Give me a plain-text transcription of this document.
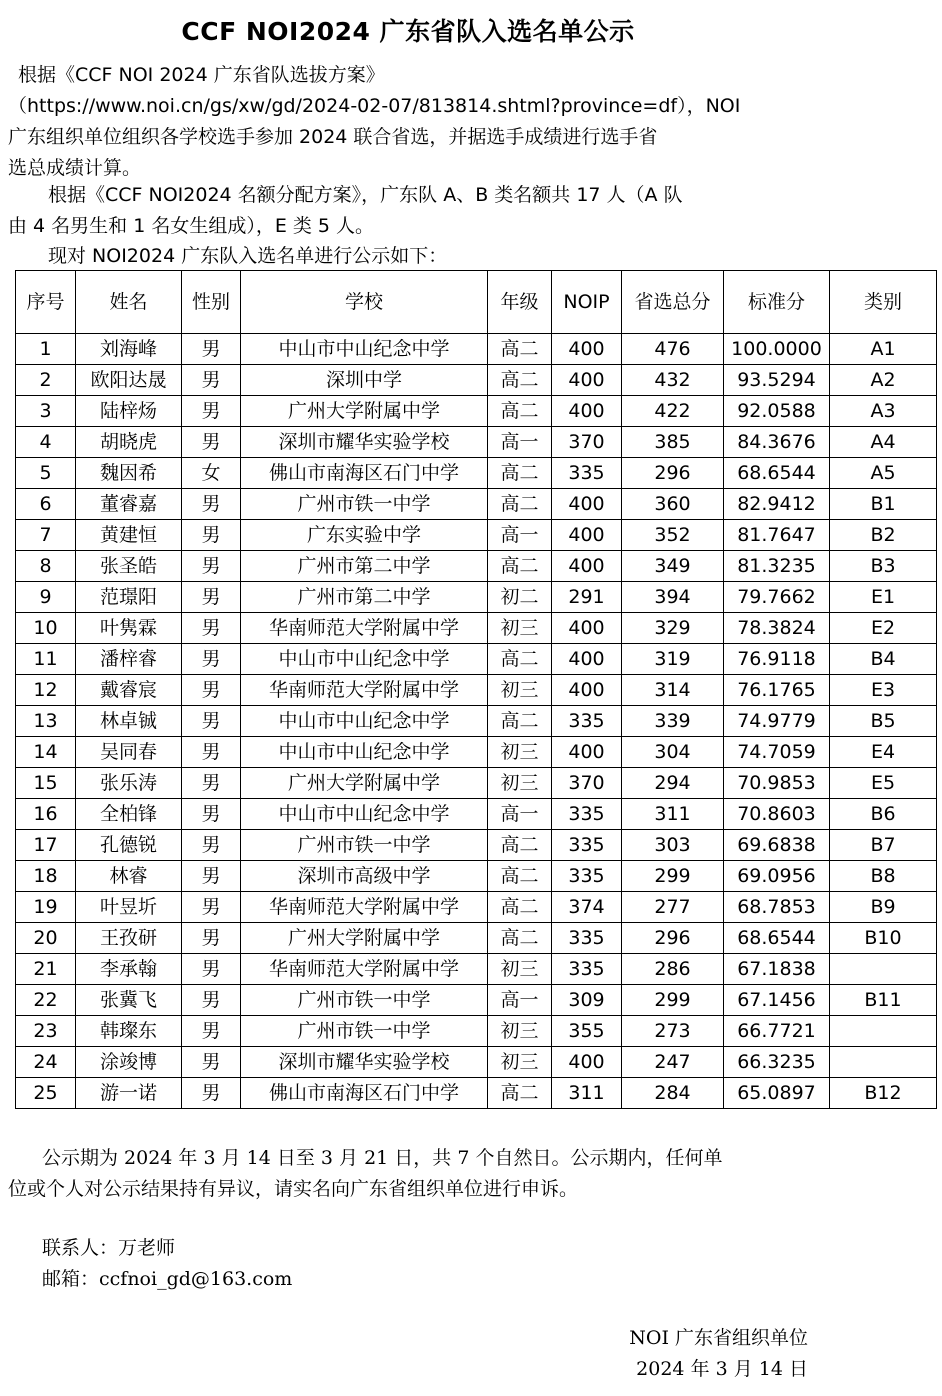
CCF NOI2024 广东省队入选名单公示
根据《CCF NOI 2024 广东省队选拔方案》
（https://www.noi.cn/gs/xw/gd/2024-02-07/813814.shtml?province=df），NOI
广东组织单位组织各学校选手参加 2024 联合省选，并据选手成绩进行选手省
选总成绩计算。
根据《CCF NOI2024 名额分配方案》，广东队 A、B 类名额共 17 人（A 队
由 4 名男生和 1 名女生组成），E 类 5 人。
现对 NOI2024 广东队入选名单进行公示如下：
序号	姓名	性别	学校	年级	NOIP	省选总分	标准分	类别
1	刘海峰	男	中山市中山纪念中学	高二	400	476	100.0000	A1
2	欧阳达晟	男	深圳中学	高二	400	432	93.5294	A2
3	陆梓炀	男	广州大学附属中学	高二	400	422	92.0588	A3
4	胡晓虎	男	深圳市耀华实验学校	高一	370	385	84.3676	A4
5	魏因希	女	佛山市南海区石门中学	高二	335	296	68.6544	A5
6	董睿嘉	男	广州市铁一中学	高二	400	360	82.9412	B1
7	黄建恒	男	广东实验中学	高一	400	352	81.7647	B2
8	张圣皓	男	广州市第二中学	高二	400	349	81.3235	B3
9	范璟阳	男	广州市第二中学	初二	291	394	79.7662	E1
10	叶隽霖	男	华南师范大学附属中学	初三	400	329	78.3824	E2
11	潘梓睿	男	中山市中山纪念中学	高二	400	319	76.9118	B4
12	戴睿宸	男	华南师范大学附属中学	初三	400	314	76.1765	E3
13	林卓铖	男	中山市中山纪念中学	高二	335	339	74.9779	B5
14	吴同春	男	中山市中山纪念中学	初三	400	304	74.7059	E4
15	张乐涛	男	广州大学附属中学	初三	370	294	70.9853	E5
16	全柏锋	男	中山市中山纪念中学	高一	335	311	70.8603	B6
17	孔德锐	男	广州市铁一中学	高二	335	303	69.6838	B7
18	林睿	男	深圳市高级中学	高二	335	299	69.0956	B8
19	叶昱圻	男	华南师范大学附属中学	高二	374	277	68.7853	B9
20	王孜研	男	广州大学附属中学	高二	335	296	68.6544	B10
21	李承翰	男	华南师范大学附属中学	初三	335	286	67.1838	
22	张冀飞	男	广州市铁一中学	高一	309	299	67.1456	B11
23	韩璨东	男	广州市铁一中学	初三	355	273	66.7721	
24	涂竣博	男	深圳市耀华实验学校	初三	400	247	66.3235	
25	游一诺	男	佛山市南海区石门中学	高二	311	284	65.0897	B12
公示期为 2024 年 3 月 14 日至 3 月 21 日，共 7 个自然日。公示期内，任何单
位或个人对公示结果持有异议，请实名向广东省组织单位进行申诉。
联系人：万老师
邮箱：ccfnoi_gd@163.com
NOI 广东省组织单位
2024 年 3 月 14 日
